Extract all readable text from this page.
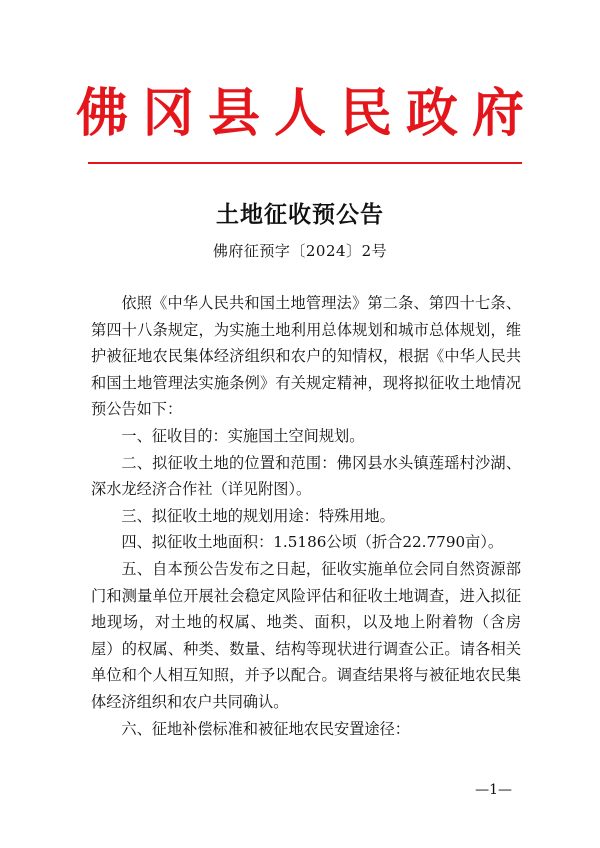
佛冈县人民政府
土地征收预公告
佛府征预字〔2024〕2号

依照《中华人民共和国土地管理法》第二条、第四十七条、第四十八条规定，为实施土地利用总体规划和城市总体规划，维护被征地农民集体经济组织和农户的知情权，根据《中华人民共和国土地管理法实施条例》有关规定精神，现将拟征收土地情况预公告如下：

一、征收目的：实施国土空间规划。

二、拟征收土地的位置和范围：佛冈县水头镇莲瑶村沙湖、深水龙经济合作社（详见附图）。

三、拟征收土地的规划用途：特殊用地。

四、拟征收土地面积：1.5186公顷（折合22.7790亩）。

五、自本预公告发布之日起，征收实施单位会同自然资源部门和测量单位开展社会稳定风险评估和征收土地调查，进入拟征地现场，对土地的权属、地类、面积，以及地上附着物（含房屋）的权属、种类、数量、结构等现状进行调查公正。请各相关单位和个人相互知照，并予以配合。调查结果将与被征地农民集体经济组织和农户共同确认。

六、征地补偿标准和被征地农民安置途径：

—1—
